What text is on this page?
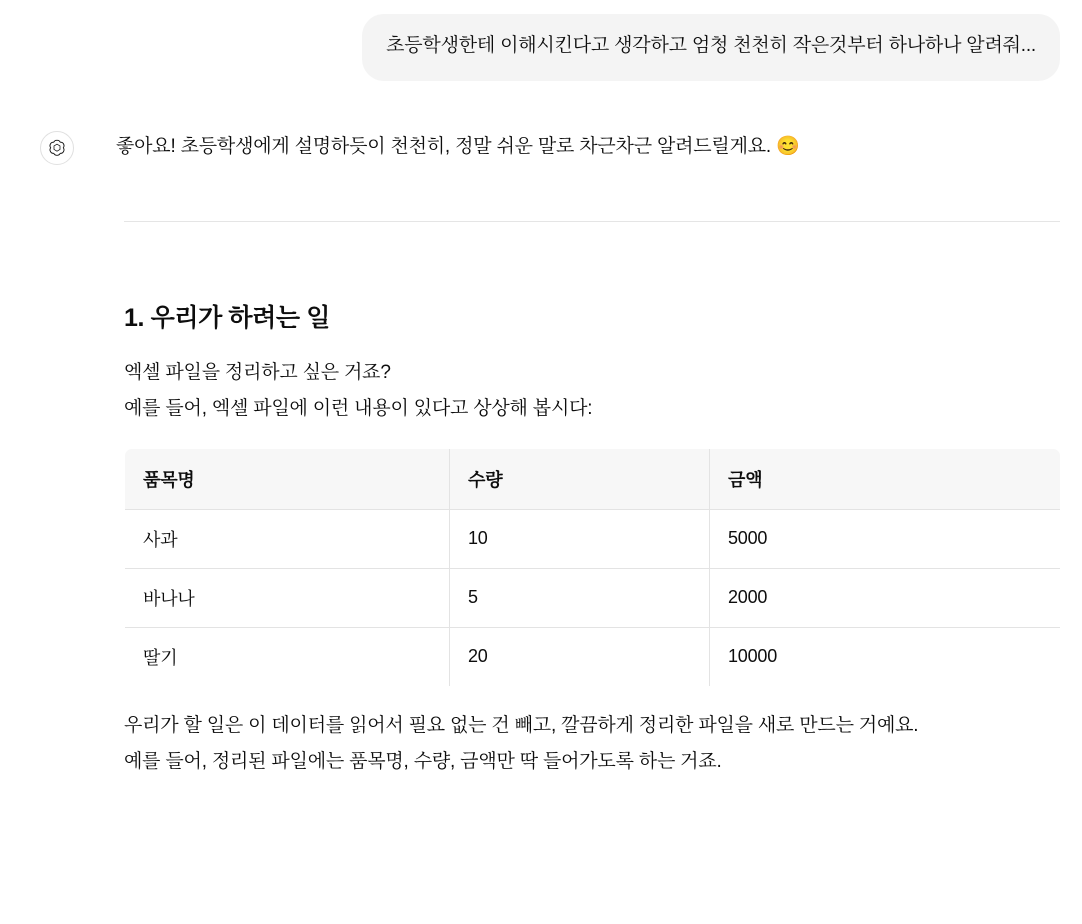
초등학생한테 이해시킨다고 생각하고 엄청 천천히 작은것부터 하나하나 알려줘...
좋아요! 초등학생에게 설명하듯이 천천히, 정말 쉬운 말로 차근차근 알려드릴게요. 😊
1. 우리가 하려는 일

엑셀 파일을 정리하고 싶은 거죠?

예를 들어, 엑셀 파일에 이런 내용이 있다고 상상해 봅시다:

품목명	수량	금액
사과	10	5000
바나나	5	2000
딸기	20	10000

우리가 할 일은 이 데이터를 읽어서 필요 없는 건 빼고, 깔끔하게 정리한 파일을 새로 만드는 거예요.

예를 들어, 정리된 파일에는 품목명, 수량, 금액만 딱 들어가도록 하는 거죠.
